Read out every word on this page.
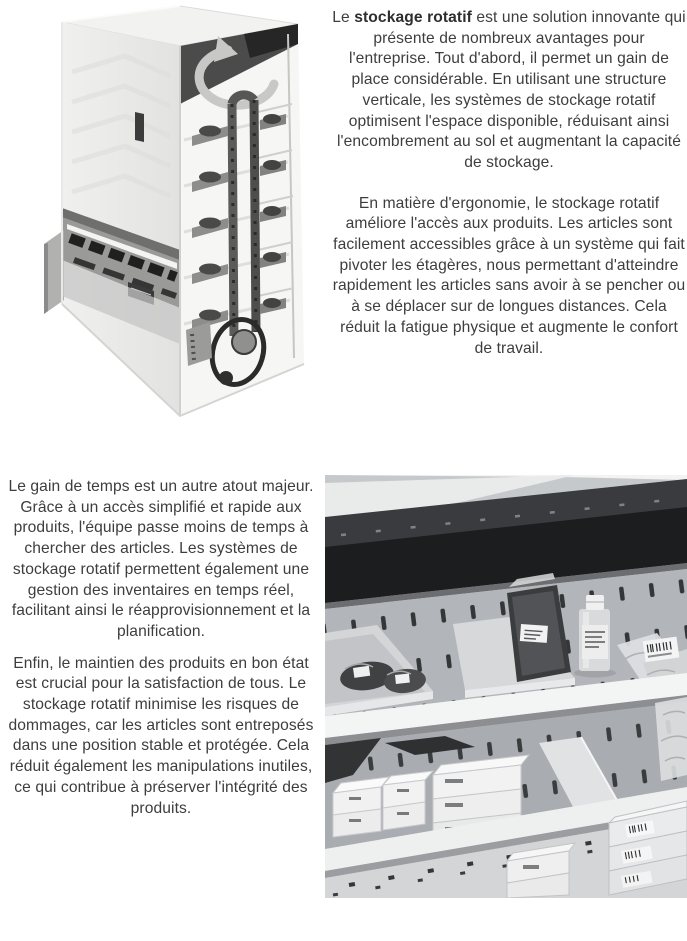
Le stockage rotatif est une solution innovante qui présente de nombreux avantages pour l'entreprise. Tout d'abord, il permet un gain de place considérable. En utilisant une structure verticale, les systèmes de stockage rotatif optimisent l'espace disponible, réduisant ainsi l'encombrement au sol et augmentant la capacité de stockage.

En matière d'ergonomie, le stockage rotatif améliore l'accès aux produits. Les articles sont facilement accessibles grâce à un système qui fait pivoter les étagères, nous permettant d'atteindre rapidement les articles sans avoir à se pencher ou à se déplacer sur de longues distances. Cela réduit la fatigue physique et augmente le confort de travail.

Le gain de temps est un autre atout majeur. Grâce à un accès simplifié et rapide aux produits, l'équipe passe moins de temps à chercher des articles. Les systèmes de stockage rotatif permettent également une gestion des inventaires en temps réel, facilitant ainsi le réapprovisionnement et la planification.

Enfin, le maintien des produits en bon état est crucial pour la satisfaction de tous. Le stockage rotatif minimise les risques de dommages, car les articles sont entreposés dans une position stable et protégée. Cela réduit également les manipulations inutiles, ce qui contribue à préserver l'intégrité des produits.
